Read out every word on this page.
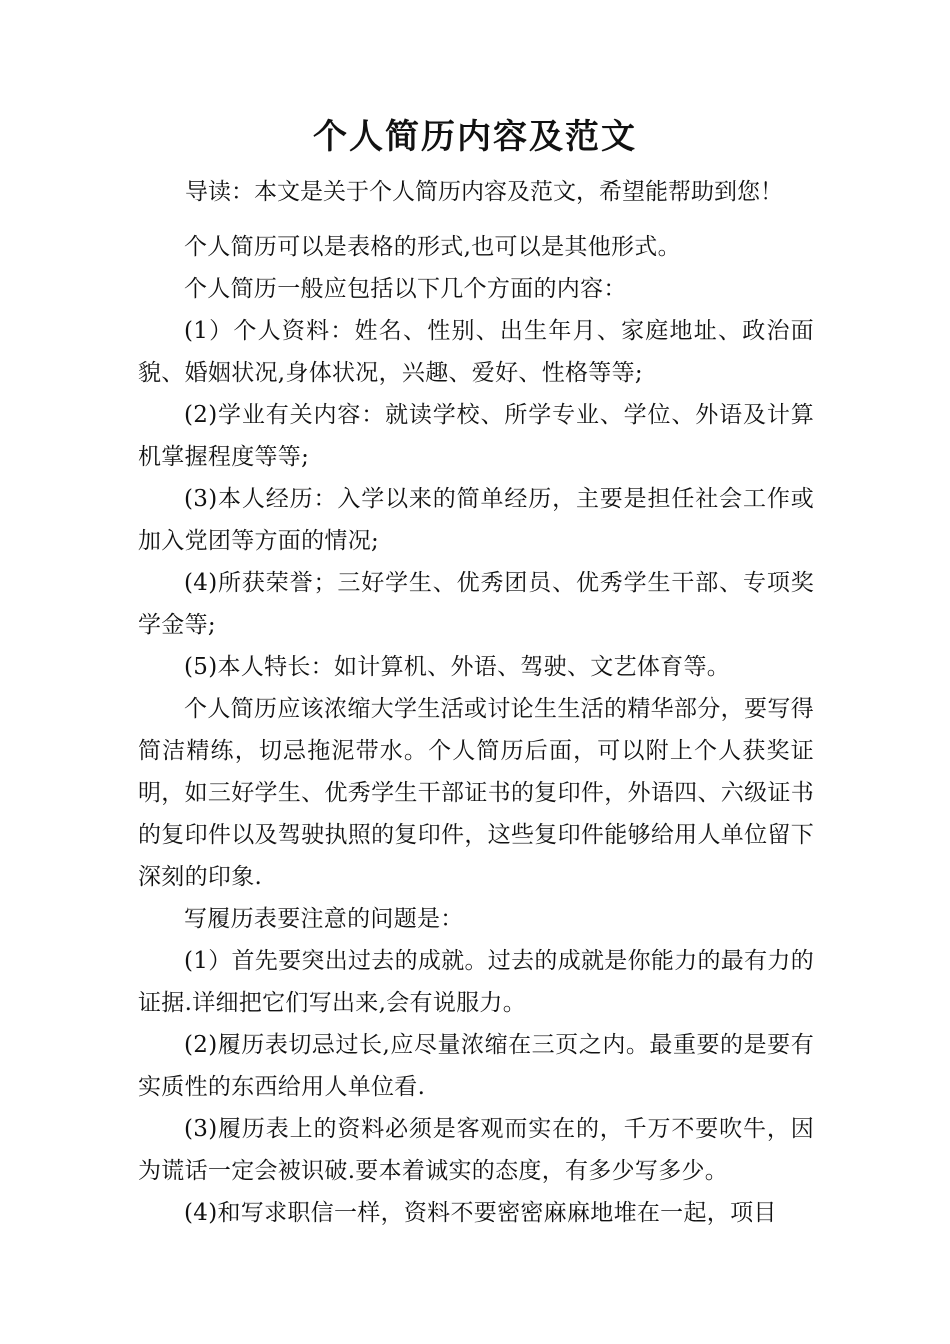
个人简历内容及范文

导读：本文是关于个人简历内容及范文，希望能帮助到您！

个人简历可以是表格的形式,也可以是其他形式。

个人简历一般应包括以下几个方面的内容：

(1）个人资料：姓名、性别、出生年月、家庭地址、政治面貌、婚姻状况,身体状况，兴趣、爱好、性格等等;

(2)学业有关内容：就读学校、所学专业、学位、外语及计算机掌握程度等等;

(3)本人经历：入学以来的简单经历，主要是担任社会工作或加入党团等方面的情况;

(4)所获荣誉；三好学生、优秀团员、优秀学生干部、专项奖学金等;

(5)本人特长：如计算机、外语、驾驶、文艺体育等。

个人简历应该浓缩大学生活或讨论生生活的精华部分，要写得简洁精练，切忌拖泥带水。个人简历后面，可以附上个人获奖证明，如三好学生、优秀学生干部证书的复印件，外语四、六级证书的复印件以及驾驶执照的复印件，这些复印件能够给用人单位留下深刻的印象.

写履历表要注意的问题是：

(1）首先要突出过去的成就。过去的成就是你能力的最有力的证据.详细把它们写出来,会有说服力。

(2)履历表切忌过长,应尽量浓缩在三页之内。最重要的是要有实质性的东西给用人单位看.

(3)履历表上的资料必须是客观而实在的，千万不要吹牛，因为谎话一定会被识破.要本着诚实的态度，有多少写多少。

(4)和写求职信一样，资料不要密密麻麻地堆在一起，项目
